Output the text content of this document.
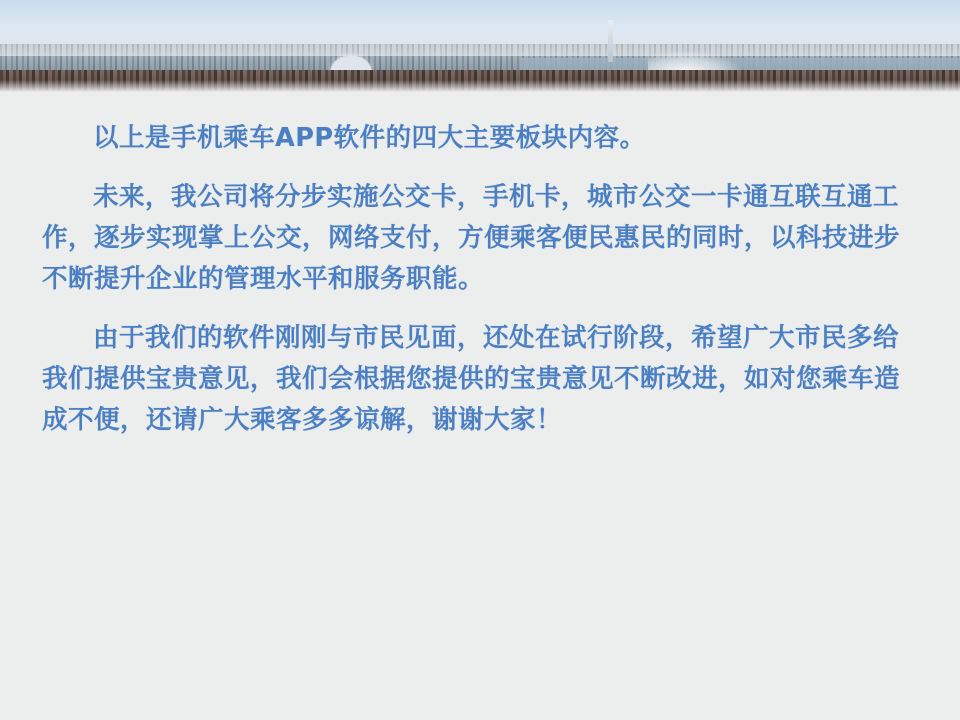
以上是手机乘车APP软件的四大主要板块内容。

未来，我公司将分步实施公交卡，手机卡，城市公交一卡通互联互通工作，逐步实现掌上公交，网络支付，方便乘客便民惠民的同时，以科技进步不断提升企业的管理水平和服务职能。

由于我们的软件刚刚与市民见面，还处在试行阶段，希望广大市民多给我们提供宝贵意见，我们会根据您提供的宝贵意见不断改进，如对您乘车造成不便，还请广大乘客多多谅解，谢谢大家！
